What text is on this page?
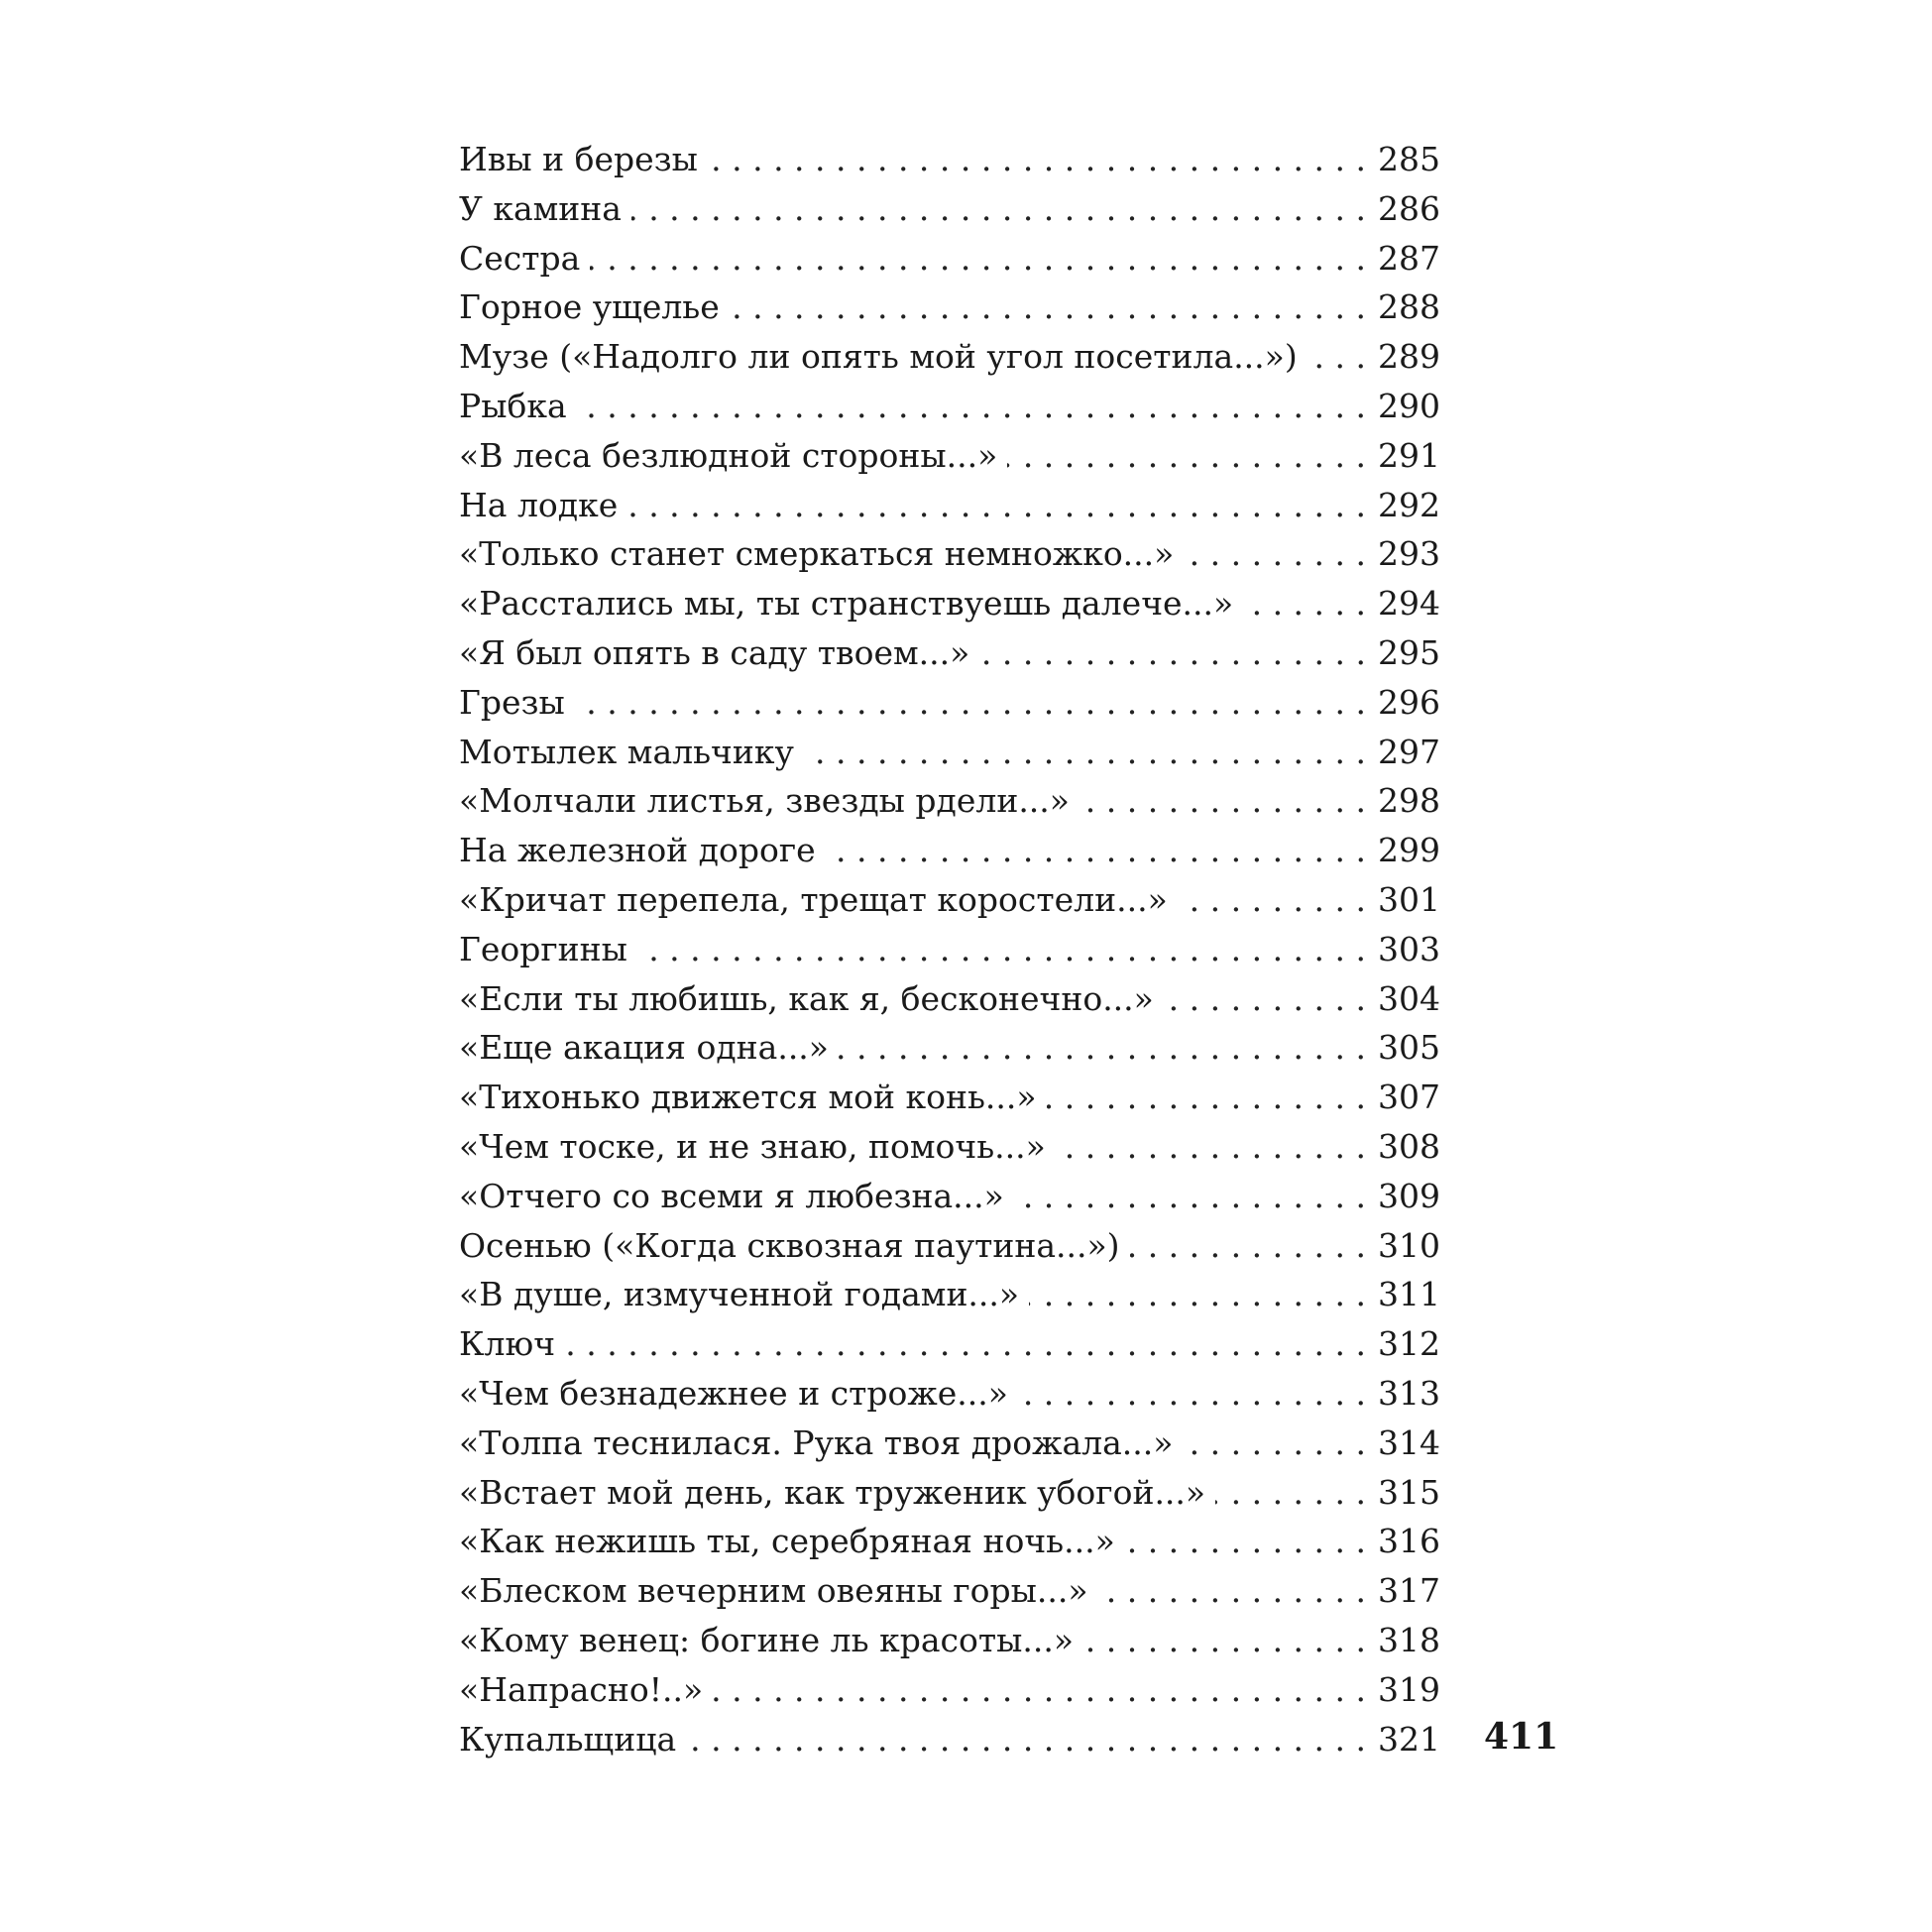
Ивы и березы . . .	285
У камина . . .	286
Сестра . . .	287
Горное ущелье . . .	288
Музе («Надолго ли опять мой угол посетила...») . . .	289
Рыбка . . .	290
«В леса безлюдной стороны...» . . .	291
На лодке . . .	292
«Только станет смеркаться немножко...» . . .	293
«Расстались мы, ты странствуешь далече...» . . .	294
«Я был опять в саду твоем...» . . .	295
Грезы . . .	296
Мотылек мальчику . . .	297
«Молчали листья, звезды рдели...» . . .	298
На железной дороге . . .	299
«Кричат перепела, трещат коростели...» . . .	301
Георгины . . .	303
«Если ты любишь, как я, бесконечно...» . . .	304
«Еще акация одна...» . . .	305
«Тихонько движется мой конь...» . . .	307
«Чем тоске, и не знаю, помочь...» . . .	308
«Отчего со всеми я любезна...» . . .	309
Осенью («Когда сквозная паутина...») . . .	310
«В душе, измученной годами...» . . .	311
Ключ . . .	312
«Чем безнадежнее и строже...» . . .	313
«Толпа теснилася. Рука твоя дрожала...» . . .	314
«Встает мой день, как труженик убогой...» . . .	315
«Как нежишь ты, серебряная ночь...» . . .	316
«Блеском вечерним овеяны горы...» . . .	317
«Кому венец: богине ль красоты...» . . .	318
«Напрасно!..» . . .	319
Купальщица . . .	321 411
